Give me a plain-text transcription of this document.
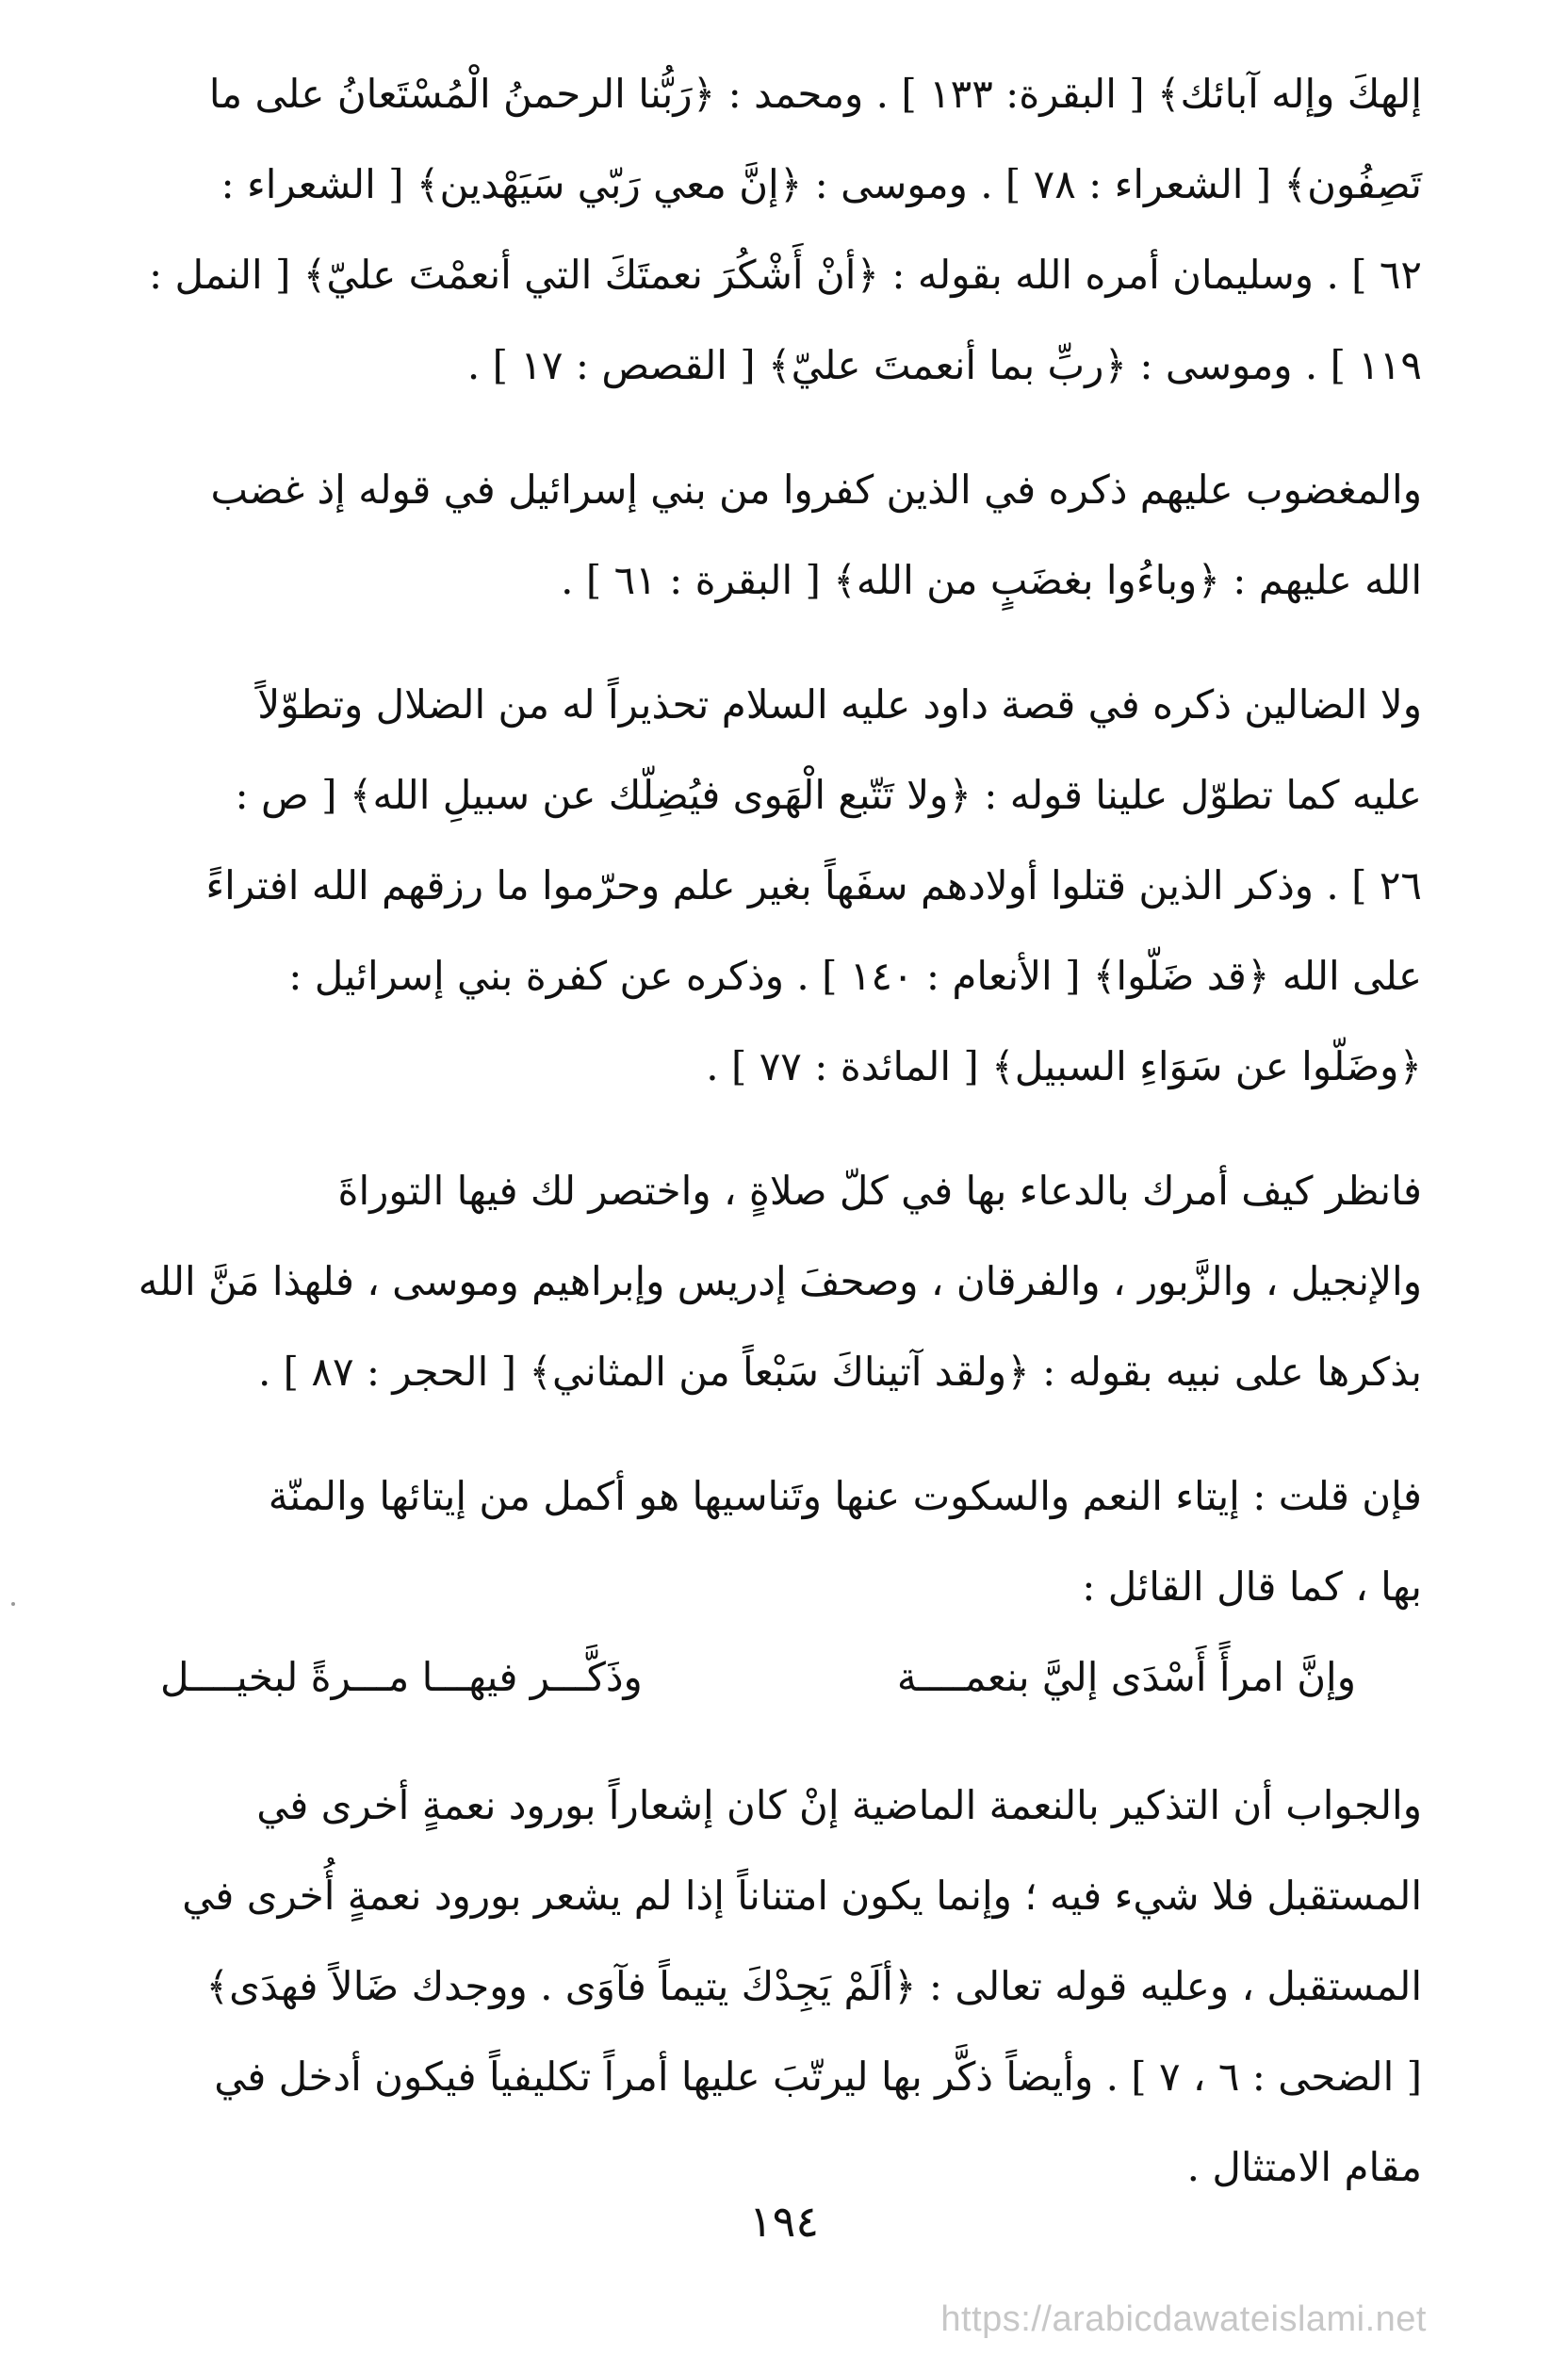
إلهكَ وإله آبائك﴾ [ البقرة: ١٣٣ ] . ومحمد : ﴿رَبُّنا الرحمنُ الْمُسْتَعانُ على ما
تَصِفُون﴾ [ الشعراء : ٧٨ ] . وموسى : ﴿إنَّ معي رَبّي سَيَهْدين﴾ [ الشعراء :
٦٢ ] . وسليمان أمره الله بقوله : ﴿أنْ أَشْكُرَ نعمتَكَ التي أنعمْتَ عليّ﴾ [ النمل :
١١٩ ] . وموسى : ﴿ربِّ بما أنعمتَ عليّ﴾ [ القصص : ١٧ ] .
والمغضوب عليهم ذكره في الذين كفروا من بني إسرائيل في قوله إذ غضب
الله عليهم : ﴿وباءُوا بغضَبٍ من الله﴾ [ البقرة : ٦١ ] .
ولا الضالين ذكره في قصة داود عليه السلام تحذيراً له من الضلال وتطوّلاً
عليه كما تطوّل علينا قوله : ﴿ولا تَتّبع الْهَوى فيُضِلّك عن سبيلِ الله﴾ [ ص :
٢٦ ] . وذكر الذين قتلوا أولادهم سفَهاً بغير علم وحرّموا ما رزقهم الله افتراءً
على الله ﴿قد ضَلّوا﴾ [ الأنعام : ١٤٠ ] . وذكره عن كفرة بني إسرائيل :
﴿وضَلّوا عن سَوَاءِ السبيل﴾ [ المائدة : ٧٧ ] .
فانظر كيف أمرك بالدعاء بها في كلّ صلاةٍ ، واختصر لك فيها التوراةَ
والإنجيل ، والزَّبور ، والفرقان ، وصحفَ إدريس وإبراهيم وموسى ، فلهذا مَنَّ الله
بذكرها على نبيه بقوله : ﴿ولقد آتيناكَ سَبْعاً من المثاني﴾ [ الحجر : ٨٧ ] .
فإن قلت : إيتاء النعم والسكوت عنها وتَناسيها هو أكمل من إيتائها والمنّة
بها ، كما قال القائل :
وإنَّ امرأً أَسْدَى إليَّ بنعمــــة
وذَكَّـــر فيهـــا مـــرةً لبخيــــل
والجواب أن التذكير بالنعمة الماضية إنْ كان إشعاراً بورود نعمةٍ أخرى في
المستقبل فلا شيء فيه ؛ وإنما يكون امتناناً إذا لم يشعر بورود نعمةٍ أُخرى في
المستقبل ، وعليه قوله تعالى : ﴿ألَمْ يَجِدْكَ يتيماً فآوَى . ووجدك ضَالاً فهدَى﴾
[ الضحى : ٦ ، ٧ ] . وأيضاً ذكَّر بها ليرتّبَ عليها أمراً تكليفياً فيكون أدخل في
مقام الامتثال .
١٩٤
https://arabicdawateislami.net
